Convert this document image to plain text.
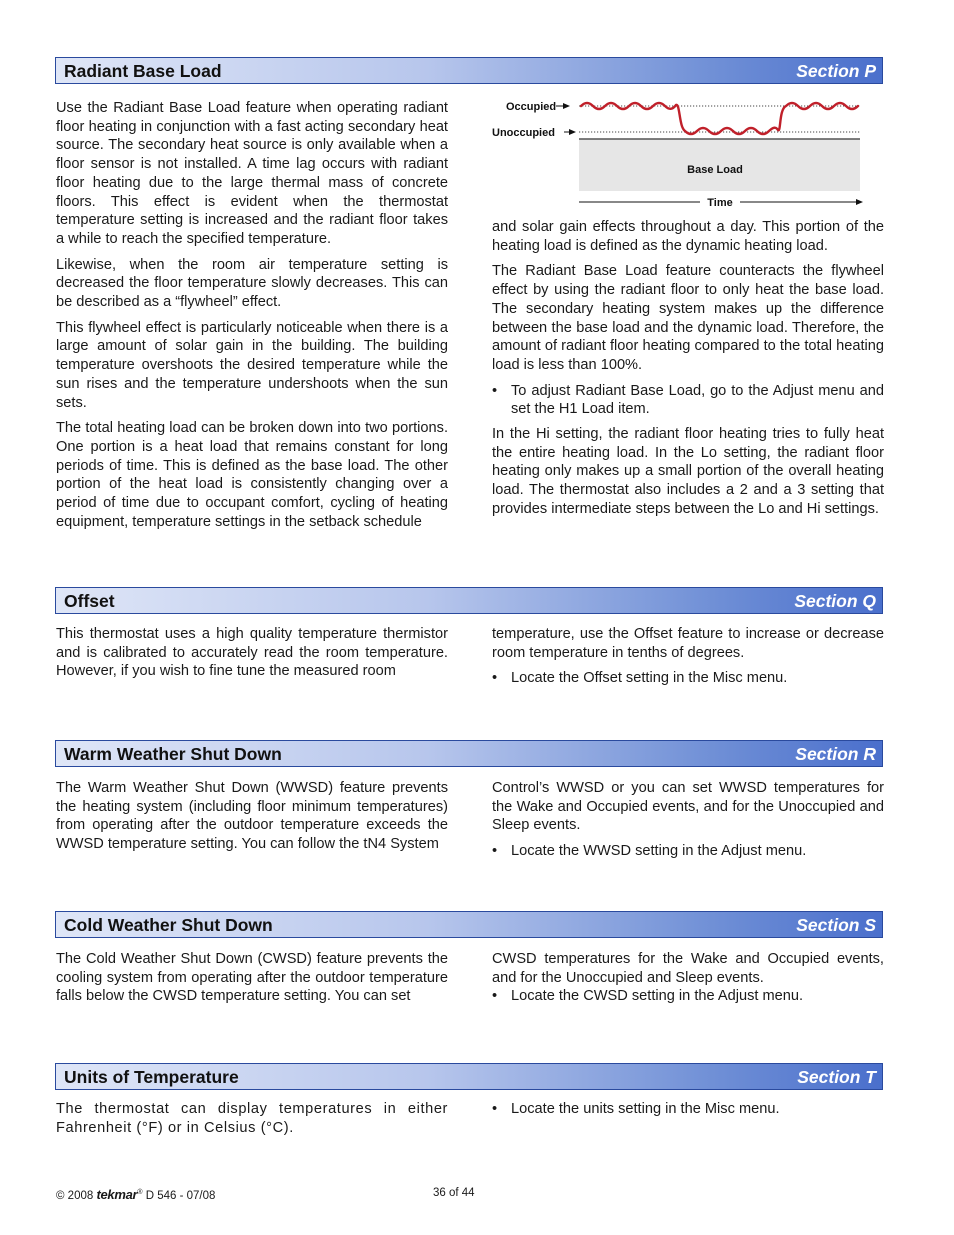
Radiant Base Load	Section P

Use the Radiant Base Load feature when operating radiant floor heating in conjunction with a fast acting secondary heat source. The secondary heat source is only available when a floor sensor is not installed. A time lag occurs with radiant floor heating due to the large thermal mass of concrete floors. This effect is evident when the thermostat temperature setting is increased and the radiant floor takes a while to reach the specified temperature.

Likewise, when the room air temperature setting is decreased the floor temperature slowly decreases. This can be described as a “flywheel” effect.

This flywheel effect is particularly noticeable when there is a large amount of solar gain in the building. The building temperature overshoots the desired temperature while the sun rises and the temperature undershoots when the sun sets.

The total heating load can be broken down into two portions. One portion is a heat load that remains constant for long periods of time. This is defined as the base load. The other portion of the heat load is consistently changing over a period of time due to occupant comfort, cycling of heating equipment, temperature settings in the setback schedule

Occupied
Unoccupied
Base Load
Time

and solar gain effects throughout a day. This portion of the heating load is defined as the dynamic heating load.

The Radiant Base Load feature counteracts the flywheel effect by using the radiant floor to only heat the base load. The secondary heating system makes up the difference between the base load and the dynamic load. Therefore, the amount of radiant floor heating compared to the total heating load is less than 100%.

• To adjust Radiant Base Load, go to the Adjust menu and set the H1 Load item.

In the Hi setting, the radiant floor heating tries to fully heat the entire heating load. In the Lo setting, the radiant floor heating only makes up a small portion of the overall heating load. The thermostat also includes a 2 and a 3 setting that provides intermediate steps between the Lo and Hi settings.

Offset	Section Q

This thermostat uses a high quality temperature thermistor and is calibrated to accurately read the room temperature. However, if you wish to fine tune the measured room

temperature, use the Offset feature to increase or decrease room temperature in tenths of degrees.

• Locate the Offset setting in the Misc menu.
Warm Weather Shut Down	Section R

The Warm Weather Shut Down (WWSD) feature prevents the heating system (including floor minimum temperatures) from operating after the outdoor temperature exceeds the WWSD temperature setting. You can follow the tN4 System

Control’s WWSD or you can set WWSD temperatures for the Wake and Occupied events, and for the Unoccupied and Sleep events.

• Locate the WWSD setting in the Adjust menu.
Cold Weather Shut Down	Section S

The Cold Weather Shut Down (CWSD) feature prevents the cooling system from operating after the outdoor temperature falls below the CWSD temperature setting. You can set

CWSD temperatures for the Wake and Occupied events, and for the Unoccupied and Sleep events.

• Locate the CWSD setting in the Adjust menu.
Units of Temperature	Section T

The thermostat can display temperatures in either Fahrenheit (°F) or in Celsius (°C).

• Locate the units setting in the Misc menu.
© 2008 tekmar® D 546 - 07/08	36 of 44
